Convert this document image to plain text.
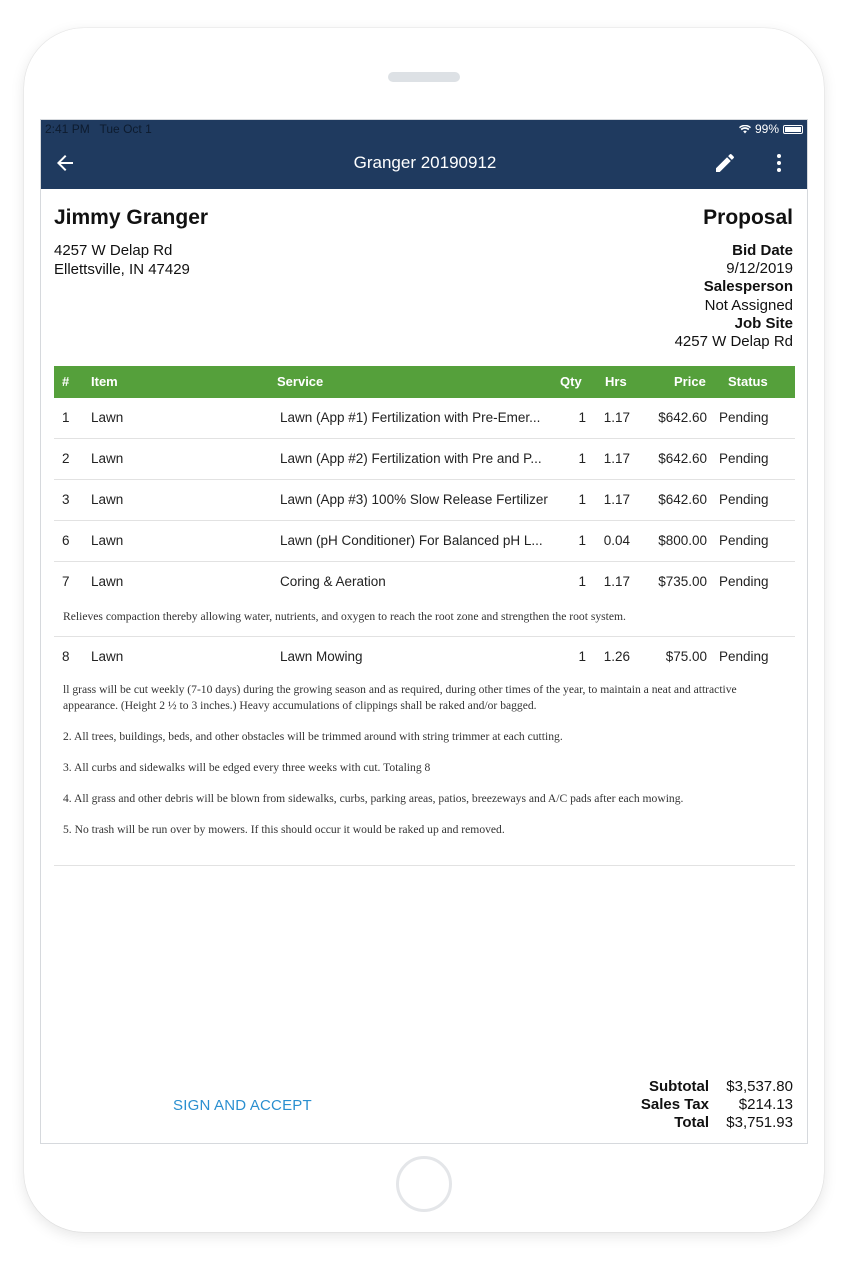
2:41 PM Tue Oct 1	99%
Granger 20190912
Jimmy Granger
4257 W Delap Rd
Ellettsville, IN 47429
Proposal
Bid Date
9/12/2019
Salesperson
Not Assigned
Job Site
4257 W Delap Rd
# Item	Service	Qty Hrs	Price Status
1 Lawn	Lawn (App #1) Fertilization with Pre-Emer...	1 1.17	$642.60 Pending
2 Lawn	Lawn (App #2) Fertilization with Pre and P...	1 1.17	$642.60 Pending
3 Lawn	Lawn (App #3) 100% Slow Release Fertilizer 1 1.17	$642.60 Pending
6 Lawn	Lawn (pH Conditioner) For Balanced pH L...	1 0.04	$800.00 Pending
7 Lawn	Coring & Aeration	1 1.17	$735.00 Pending
Relieves compaction thereby allowing water, nutrients, and oxygen to reach the root zone and strengthen the root system.
8 Lawn	Lawn Mowing	1 1.26	$75.00 Pending
ll grass will be cut weekly (7-10 days) during the growing season and as required, during other times of the year, to maintain a neat and attractive appearance. (Height 2 ½ to 3 inches.) Heavy accumulations of clippings shall be raked and/or bagged.
2. All trees, buildings, beds, and other obstacles will be trimmed around with string trimmer at each cutting.
3. All curbs and sidewalks will be edged every three weeks with cut. Totaling 8
4. All grass and other debris will be blown from sidewalks, curbs, parking areas, patios, breezeways and A/C pads after each mowing.
5. No trash will be run over by mowers. If this should occur it would be raked up and removed.
SIGN AND ACCEPT
Subtotal	$3,537.80
Sales Tax	$214.13
Total	$3,751.93
